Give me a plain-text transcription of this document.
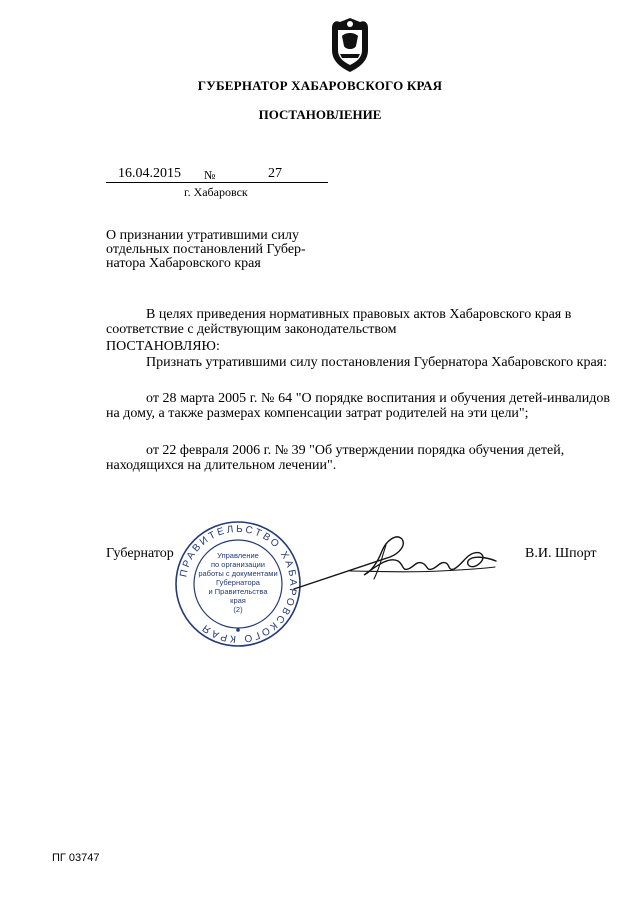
ГУБЕРНАТОР ХАБАРОВСКОГО КРАЯ
ПОСТАНОВЛЕНИЕ
16.04.2015 №	27
г. Хабаровск
О признании утратившими силу
отдельных постановлений Губер-
натора Хабаровского края
В целях приведения нормативных правовых актов Хабаровского края в соответствие с действующим законодательством
ПОСТАНОВЛЯЮ:
Признать утратившими силу постановления Губернатора Хабаровского края:
от 28 марта 2005 г. № 64 "О порядке воспитания и обучения детей-инвалидов на дому, а также размерах компенсации затрат родителей на эти цели";
от 22 февраля 2006 г. № 39 "Об утверждении порядка обучения детей, находящихся на длительном лечении".
Губернатор	В.И. Шпорт
ПРАВИТЕЛЬСТВО ХАБАРОВСКОГО КРАЯ
Управление
по организации
работы с документами
Губернатора
и Правительства
края
(2)
ПГ 03747
